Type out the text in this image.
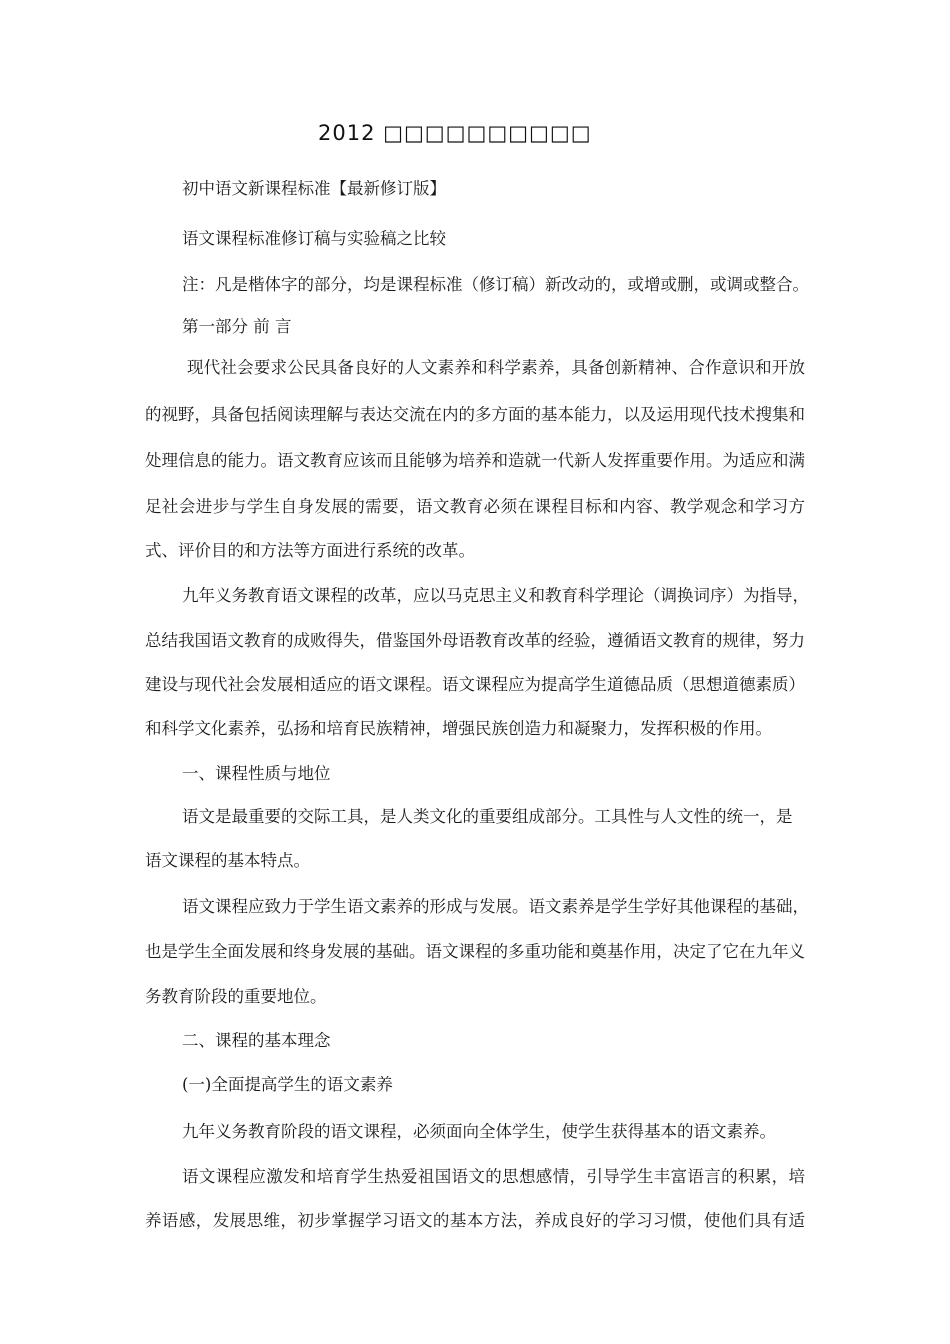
2012 □□□□□□□□□□
初中语文新课程标准【最新修订版】
语文课程标准修订稿与实验稿之比较
注：凡是楷体字的部分，均是课程标准（修订稿）新改动的，或增或删，或调或整合。
第一部分 前 言
现代社会要求公民具备良好的人文素养和科学素养，具备创新精神、合作意识和开放
的视野，具备包括阅读理解与表达交流在内的多方面的基本能力，以及运用现代技术搜集和
处理信息的能力。语文教育应该而且能够为培养和造就一代新人发挥重要作用。为适应和满
足社会进步与学生自身发展的需要，语文教育必须在课程目标和内容、教学观念和学习方
式、评价目的和方法等方面进行系统的改革。
九年义务教育语文课程的改革，应以马克思主义和教育科学理论（调换词序）为指导，
总结我国语文教育的成败得失，借鉴国外母语教育改革的经验，遵循语文教育的规律，努力
建设与现代社会发展相适应的语文课程。语文课程应为提高学生道德品质（思想道德素质）
和科学文化素养，弘扬和培育民族精神，增强民族创造力和凝聚力，发挥积极的作用。
一、课程性质与地位
语文是最重要的交际工具，是人类文化的重要组成部分。工具性与人文性的统一，是
语文课程的基本特点。
语文课程应致力于学生语文素养的形成与发展。语文素养是学生学好其他课程的基础，
也是学生全面发展和终身发展的基础。语文课程的多重功能和奠基作用，决定了它在九年义
务教育阶段的重要地位。
二、课程的基本理念
(一)全面提高学生的语文素养
九年义务教育阶段的语文课程，必须面向全体学生，使学生获得基本的语文素养。
语文课程应激发和培育学生热爱祖国语文的思想感情，引导学生丰富语言的积累，培
养语感，发展思维，初步掌握学习语文的基本方法，养成良好的学习习惯，使他们具有适
